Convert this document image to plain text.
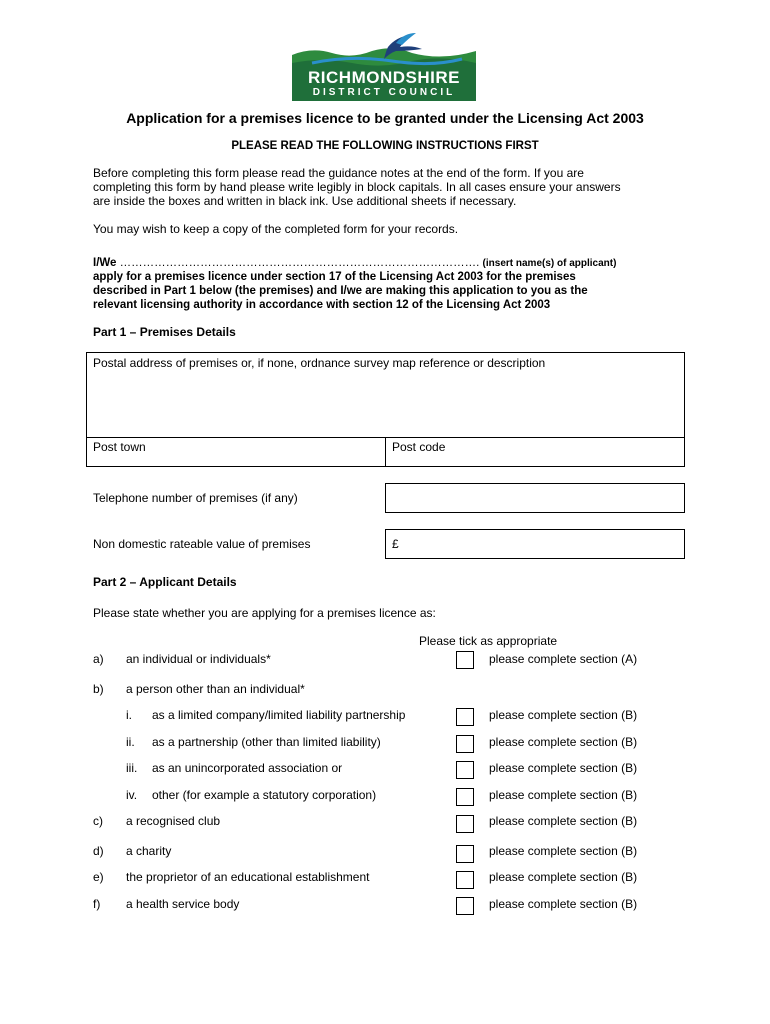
RICHMONDSHIRE
DISTRICT COUNCIL
Application for a premises licence to be granted under the Licensing Act 2003
PLEASE READ THE FOLLOWING INSTRUCTIONS FIRST
Before completing this form please read the guidance notes at the end of the form. If you are
completing this form by hand please write legibly in block capitals. In all cases ensure your answers
are inside the boxes and written in black ink. Use additional sheets if necessary.
You may wish to keep a copy of the completed form for your records.
I/We …………………………………………………………………………………. (insert name(s) of applicant)
apply for a premises licence under section 17 of the Licensing Act 2003 for the premises
described in Part 1 below (the premises) and I/we are making this application to you as the
relevant licensing authority in accordance with section 12 of the Licensing Act 2003
Part 1 – Premises Details
Postal address of premises or, if none, ordnance survey map reference or description
Post town	Post code
Telephone number of premises (if any)
Non domestic rateable value of premises	£
Part 2 – Applicant Details
Please state whether you are applying for a premises licence as:
Please tick as appropriate
a) an individual or individuals*	please complete section (A)
b) a person other than an individual*
i. as a limited company/limited liability partnership	please complete section (B)
ii. as a partnership (other than limited liability)	please complete section (B)
iii. as an unincorporated association or	please complete section (B)
iv. other (for example a statutory corporation)	please complete section (B)
c) a recognised club	please complete section (B)
d) a charity	please complete section (B)
e) the proprietor of an educational establishment	please complete section (B)
f) a health service body	please complete section (B)
